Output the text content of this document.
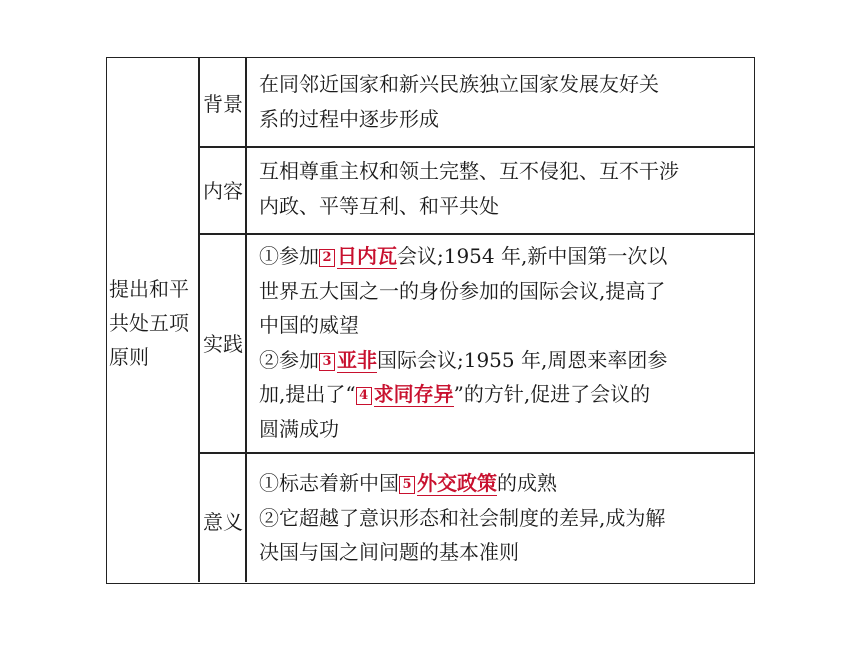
提出和平
共处五项
原则
背景
在同邻近国家和新兴民族独立国家发展友好关
系的过程中逐步形成
内容
互相尊重主权和领土完整、互不侵犯、互不干涉
内政、平等互利、和平共处
实践
①参加 2 日内瓦会议;1954 年,新中国第一次以
世界五大国之一的身份参加的国际会议,提高了
中国的威望
②参加 3 亚非国际会议;1955 年,周恩来率团参
加,提出了“ 4 求同存异”的方针,促进了会议的
圆满成功
意义
①标志着新中国 5 外交政策的成熟
②它超越了意识形态和社会制度的差异,成为解
决国与国之间问题的基本准则
